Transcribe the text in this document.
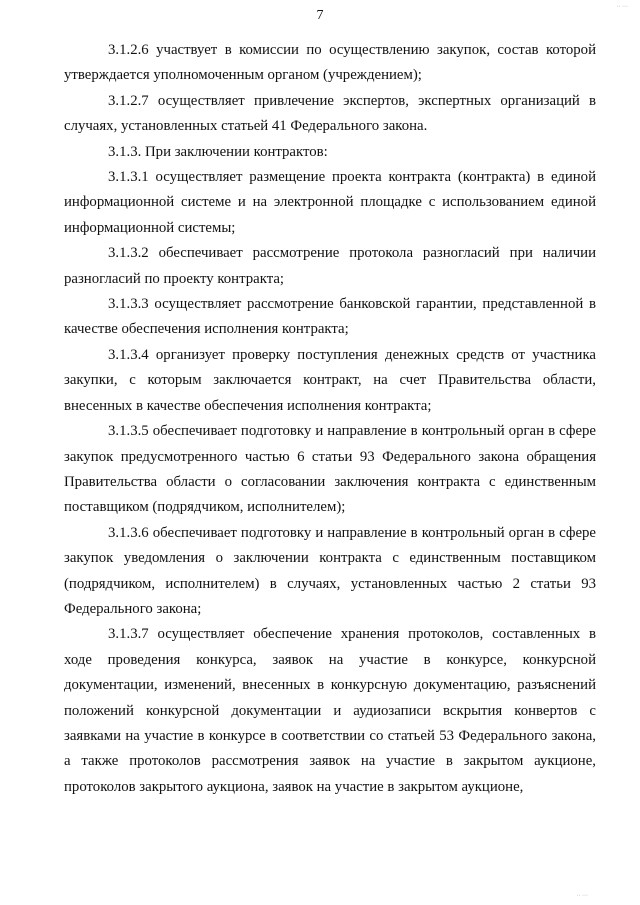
7

3.1.2.6 участвует в комиссии по осуществлению закупок, состав которой утверждается уполномоченным органом (учреждением);

3.1.2.7 осуществляет привлечение экспертов, экспертных организаций в случаях, установленных статьей 41 Федерального закона.

3.1.3. При заключении контрактов:

3.1.3.1 осуществляет размещение проекта контракта (контракта) в единой информационной системе и на электронной площадке с использованием единой информационной системы;

3.1.3.2 обеспечивает рассмотрение протокола разногласий при наличии разногласий по проекту контракта;

3.1.3.3 осуществляет рассмотрение банковской гарантии, представленной в качестве обеспечения исполнения контракта;

3.1.3.4 организует проверку поступления денежных средств от участника закупки, с которым заключается контракт, на счет Правительства области, внесенных в качестве обеспечения исполнения контракта;

3.1.3.5 обеспечивает подготовку и направление в контрольный орган в сфере закупок предусмотренного частью 6 статьи 93 Федерального закона обращения Правительства области о согласовании заключения контракта с единственным поставщиком (подрядчиком, исполнителем);

3.1.3.6 обеспечивает подготовку и направление в контрольный орган в сфере закупок уведомления о заключении контракта с единственным поставщиком (подрядчиком, исполнителем) в случаях, установленных частью 2 статьи 93 Федерального закона;

3.1.3.7 осуществляет обеспечение хранения протоколов, составленных в ходе проведения конкурса, заявок на участие в конкурсе, конкурсной документации, изменений, внесенных в конкурсную документацию, разъяснений положений конкурсной документации и аудиозаписи вскрытия конвертов с заявками на участие в конкурсе в соответствии со статьей 53 Федерального закона, а также протоколов рассмотрения заявок на участие в закрытом аукционе, протоколов закрытого аукциона, заявок на участие в закрытом аукционе,

·· ···
·· ···
